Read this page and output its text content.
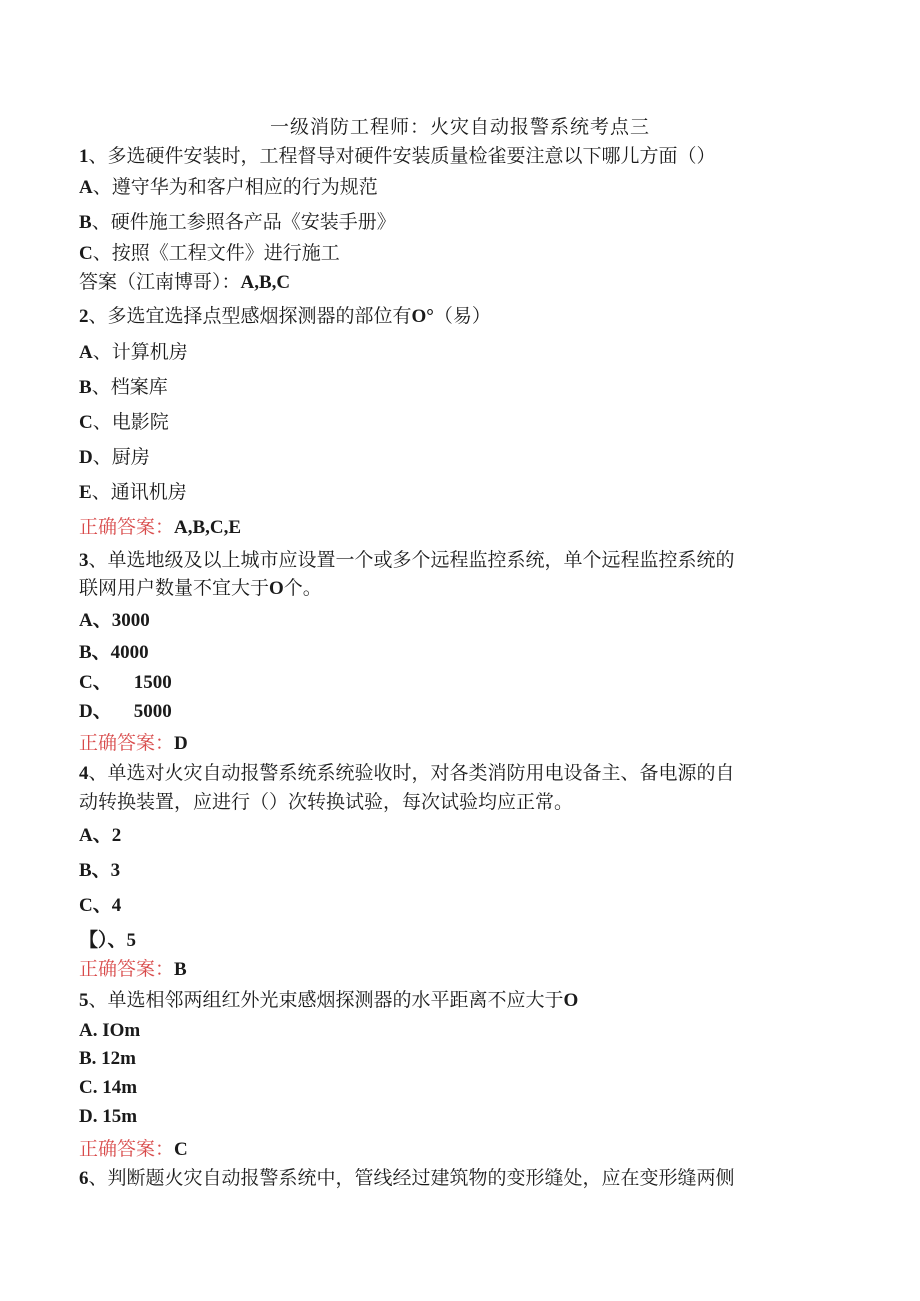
一级消防工程师：火灾自动报警系统考点三
1、多选硬件安装时，工程督导对硬件安装质量检雀要注意以下哪儿方面（）
A、遵守华为和客户相应的行为规范
B、硬件施工参照各产品《安装手册》
C、按照《工程文件》进行施工
答案（江南博哥）：A,B,C
2、多选宜选择点型感烟探测器的部位有O°（易）
A、计算机房
B、档案库
C、电影院
D、厨房
E、通讯机房
正确答案：A,B,C,E
3、单选地级及以上城市应设置一个或多个远程监控系统，单个远程监控系统的
联网用户数量不宜大于O个。
A、3000
B、4000
C、 1500
D、 5000
正确答案：D
4、单选对火灾自动报警系统系统验收时，对各类消防用电设备主、备电源的自
动转换装置，应进行（）次转换试验，每次试验均应正常。
A、2
B、3
C、4
【）、5
正确答案：B
5、单选相邻两组红外光束感烟探测器的水平距离不应大于O
A. IOm
B. 12m
C. 14m
D. 15m
正确答案：C
6、判断题火灾自动报警系统中，管线经过建筑物的变形缝处，应在变形缝两侧
